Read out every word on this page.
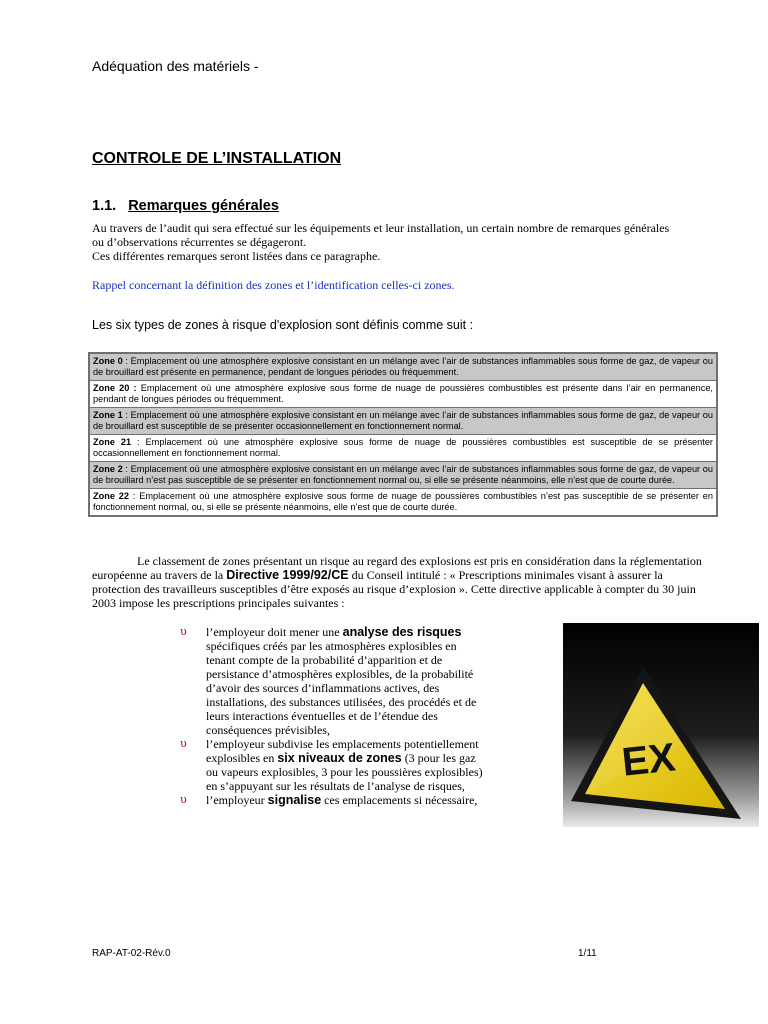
Adéquation des matériels -
CONTROLE DE L’INSTALLATION
1.1. Remarques générales
Au travers de l’audit qui sera effectué sur les équipements et leur installation, un certain nombre de remarques générales ou d’observations récurrentes se dégageront.
Ces différentes remarques seront listées dans ce paragraphe.
Rappel concernant la définition des zones et l’identification celles-ci zones.
Les six types de zones à risque d'explosion sont définis comme suit :
Zone 0 : Emplacement où une atmosphère explosive consistant en un mélange avec l’air de substances inflammables sous forme de gaz, de vapeur ou de brouillard est présente en permanence, pendant de longues périodes ou fréquemment.
Zone 20 : Emplacement où une atmosphère explosive sous forme de nuage de poussières combustibles est présente dans l’air en permanence, pendant de longues périodes ou fréquemment.
Zone 1 : Emplacement où une atmosphère explosive consistant en un mélange avec l’air de substances inflammables sous forme de gaz, de vapeur ou de brouillard est susceptible de se présenter occasionnellement en fonctionnement normal.
Zone 21 : Emplacement où une atmosphère explosive sous forme de nuage de poussières combustibles est susceptible de se présenter occasionnellement en fonctionnement normal.
Zone 2 : Emplacement où une atmosphère explosive consistant en un mélange avec l’air de substances inflammables sous forme de gaz, de vapeur ou de brouillard n’est pas susceptible de se présenter en fonctionnement normal ou, si elle se présente néanmoins, elle n’est que de courte durée.
Zone 22 : Emplacement où une atmosphère explosive sous forme de nuage de poussières combustibles n’est pas susceptible de se présenter en fonctionnement normal, ou, si elle se présente néanmoins, elle n’est que de courte durée.

Le classement de zones présentant un risque au regard des explosions est pris en considération dans la réglementation européenne au travers de la Directive 1999/92/CE du Conseil intitulé : « Prescriptions minimales visant à assurer la protection des travailleurs susceptibles d’être exposés au risque d’explosion ». Cette directive applicable à compter du 30 juin 2003 impose les prescriptions principales suivantes :

υ l’employeur doit mener une analyse des risques spécifiques créés par les atmosphères explosibles en tenant compte de la probabilité d’apparition et de persistance d’atmosphères explosibles, de la probabilité d’avoir des sources d’inflammations actives, des installations, des substances utilisées, des procédés et de leurs interactions éventuelles et de l’étendue des conséquences prévisibles,
υ l’employeur subdivise les emplacements potentiellement explosibles en six niveaux de zones (3 pour les gaz ou vapeurs explosibles, 3 pour les poussières explosibles) en s’appuyant sur les résultats de l’analyse de risques,
υ l’employeur signalise ces emplacements si nécessaire,
EX
RAP-AT-02-Rév.0	1/11
